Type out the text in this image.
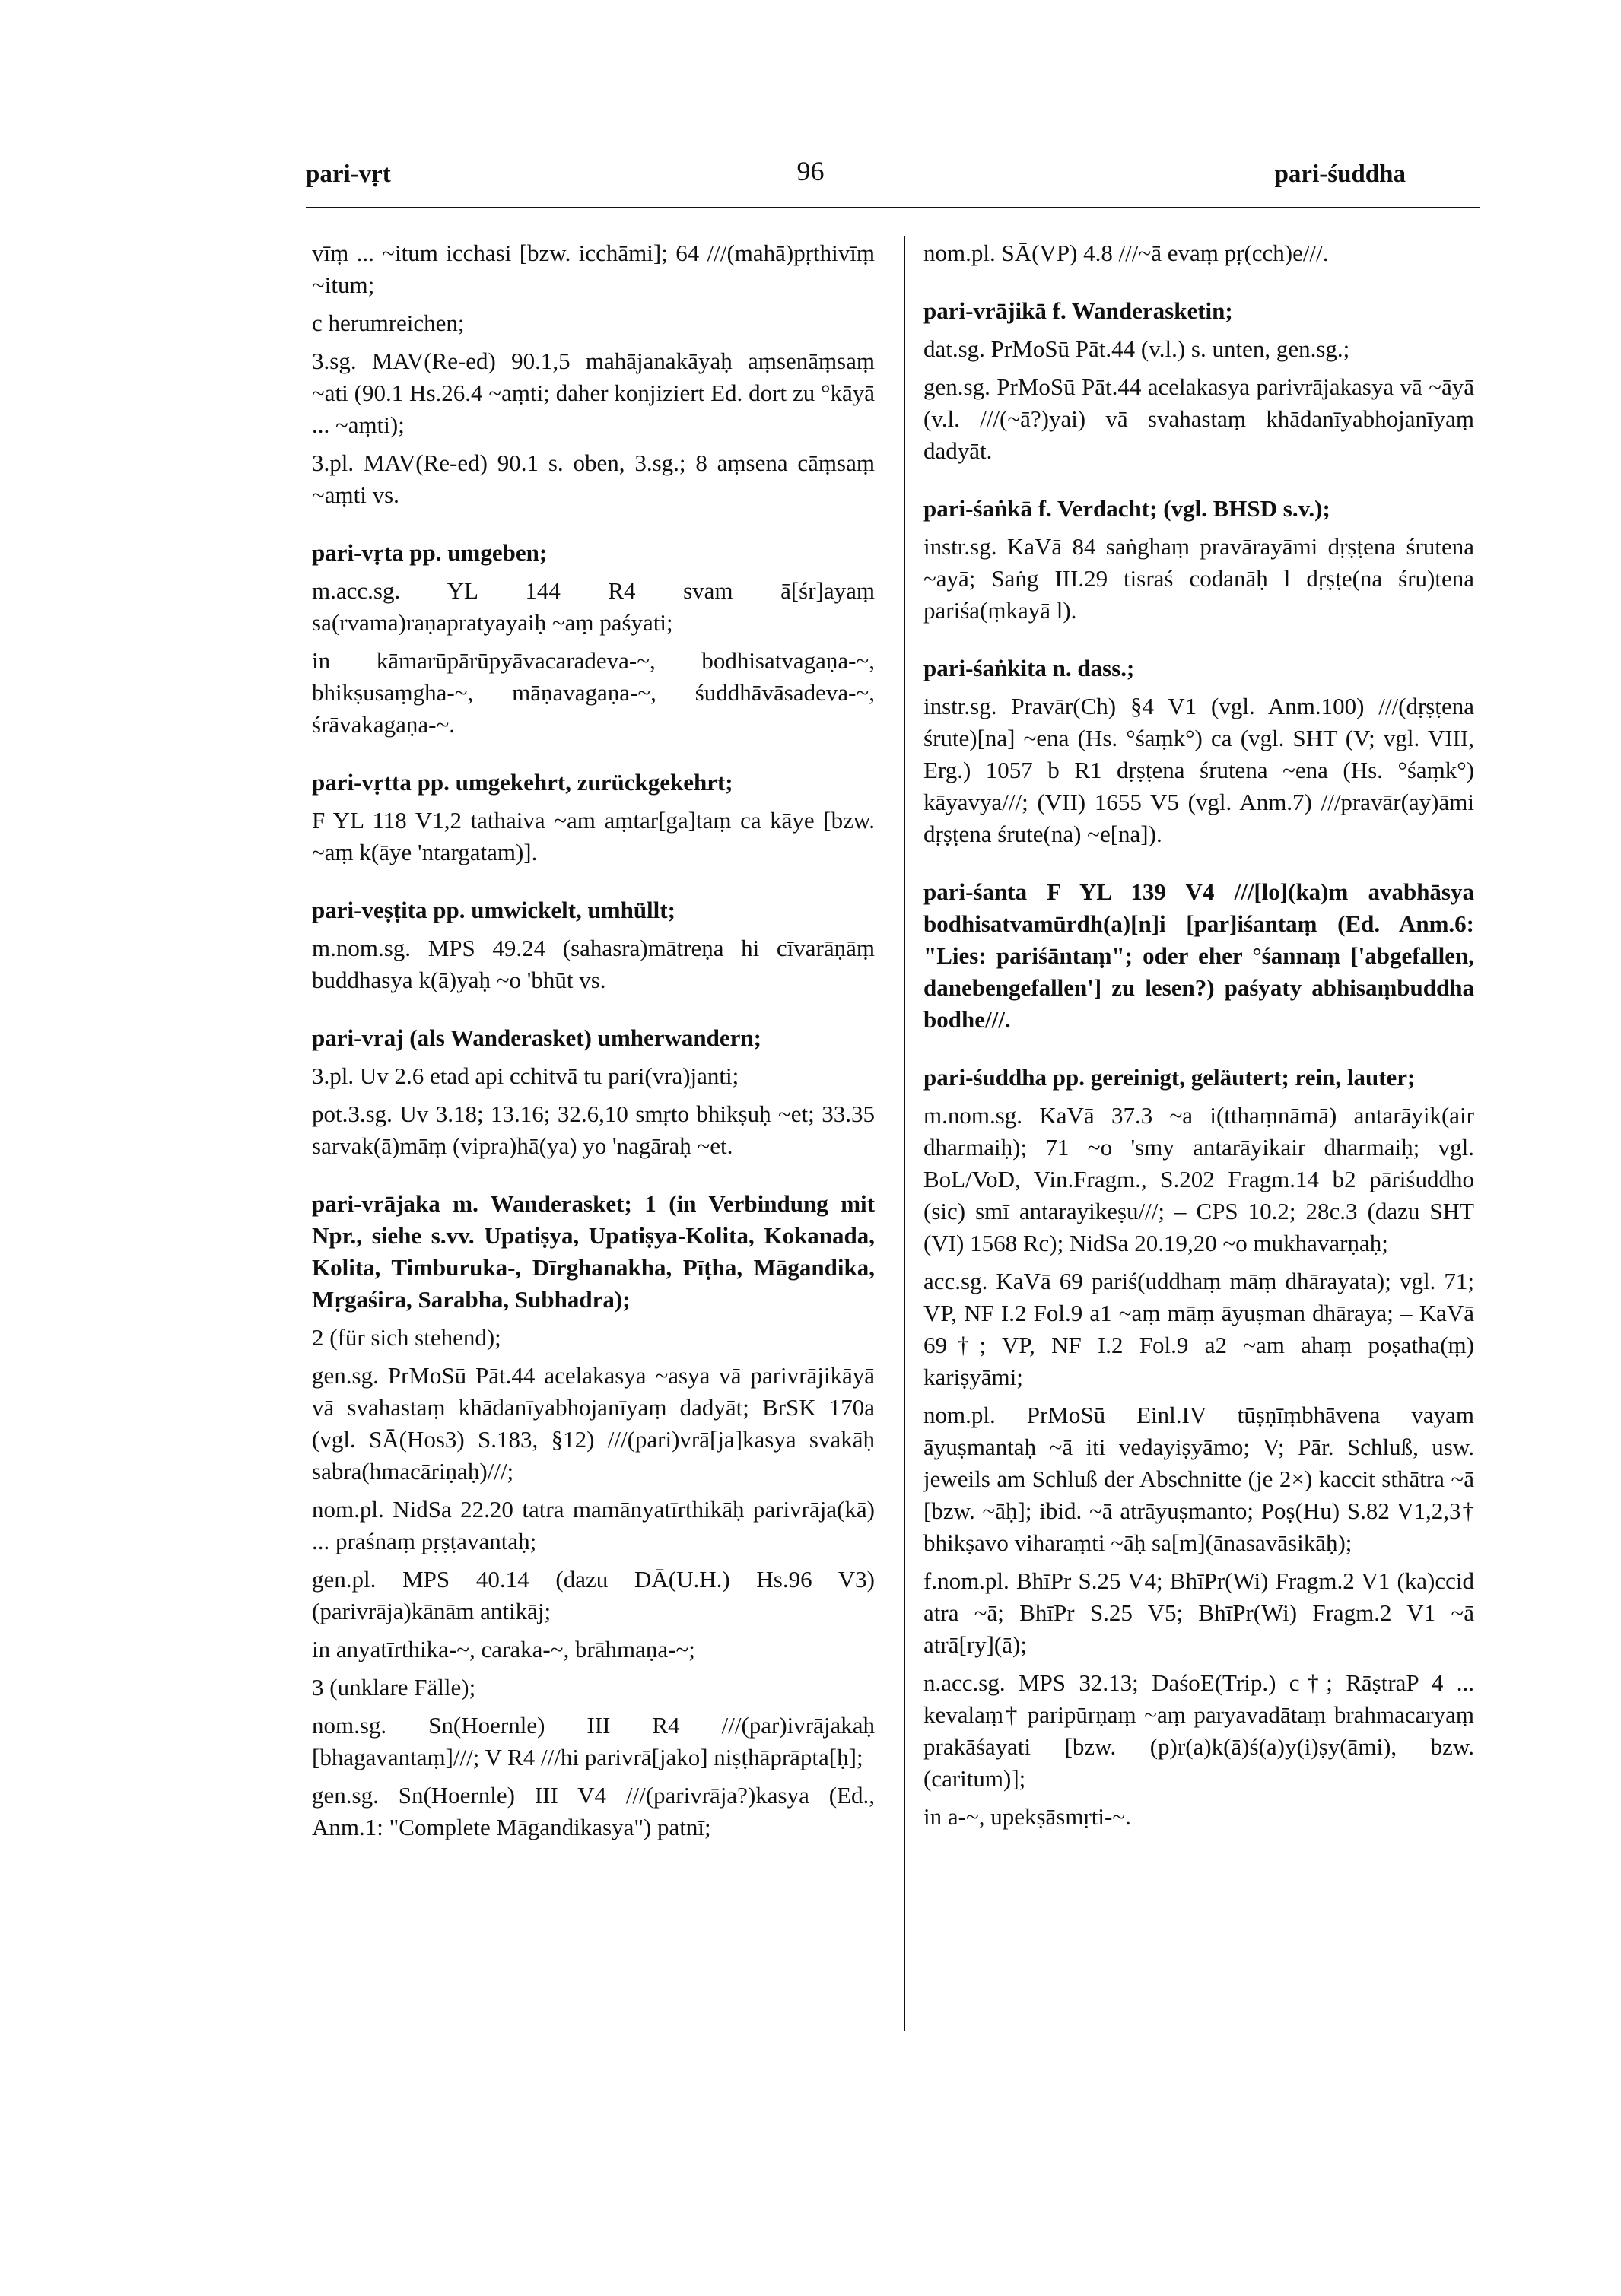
pari-vṛt	96	pari-śuddha

vīṃ ... ~itum icchasi [bzw. icchāmi]; 64 ///(mahā)pṛthivīṃ ~itum;

c herumreichen;

3.sg. MAV(Re-ed) 90.1,5 mahājanakāyaḥ aṃsenāṃsaṃ ~ati (90.1 Hs.26.4 ~aṃti; daher konjiziert Ed. dort zu °kāyā ... ~aṃti);

3.pl. MAV(Re-ed) 90.1 s. oben, 3.sg.; 8 aṃsena cāṃsaṃ ~aṃti vs.

pari-vṛta pp. umgeben;

m.acc.sg. YL 144 R4 svam ā[śr]ayaṃ sa(rvama)raṇapratyayaiḥ ~aṃ paśyati;

in kāmarūpārūpyāvacaradeva-~, bodhisatvagaṇa-~, bhikṣusaṃgha-~, māṇavagaṇa-~, śuddhāvāsadeva-~, śrāvakagaṇa-~.

pari-vṛtta pp. umgekehrt, zurückgekehrt;

F YL 118 V1,2 tathaiva ~am aṃtar[ga]taṃ ca kāye [bzw. ~aṃ k(āye 'ntargatam)].

pari-veṣṭita pp. umwickelt, umhüllt;

m.nom.sg. MPS 49.24 (sahasra)mātreṇa hi cīvarāṇāṃ buddhasya k(ā)yaḥ ~o 'bhūt vs.

pari-vraj (als Wanderasket) umherwandern;

3.pl. Uv 2.6 etad api cchitvā tu pari(vra)janti;

pot.3.sg. Uv 3.18; 13.16; 32.6,10 smṛto bhikṣuḥ ~et; 33.35 sarvak(ā)māṃ (vipra)hā(ya) yo 'nagāraḥ ~et.

pari-vrājaka m. Wanderasket; 1 (in Verbindung mit Npr., siehe s.vv. Upatiṣya, Upatiṣya-Kolita, Kokanada, Kolita, Timburuka-, Dīrghanakha, Pīṭha, Māgandika, Mṛgaśira, Sarabha, Subhadra);

2 (für sich stehend);

gen.sg. PrMoSū Pāt.44 acelakasya ~asya vā parivrājikāyā vā svahastaṃ khādanīyabhojanīyaṃ dadyāt; BrSK 170a (vgl. SĀ(Hos3) S.183, §12) ///(pari)vrā[ja]kasya svakāḥ sabra(hmacāriṇaḥ)///;

nom.pl. NidSa 22.20 tatra mamānyatīrthikāḥ parivrāja(kā) ... praśnaṃ pṛṣṭavantaḥ;

gen.pl. MPS 40.14 (dazu DĀ(U.H.) Hs.96 V3) (parivrāja)kānām antikāj;

in anyatīrthika-~, caraka-~, brāhmaṇa-~;

3 (unklare Fälle);

nom.sg. Sn(Hoernle) III R4 ///(par)ivrājakaḥ [bhagavantaṃ]///; V R4 ///hi parivrā[jako] niṣṭhāprāpta[ḥ];

gen.sg. Sn(Hoernle) III V4 ///(parivrāja?)kasya (Ed., Anm.1: "Complete Māgandikasya") patnī;

nom.pl. SĀ(VP) 4.8 ///~ā evaṃ pṛ(cch)e///.

pari-vrājikā f. Wanderasketin;

dat.sg. PrMoSū Pāt.44 (v.l.) s. unten, gen.sg.;

gen.sg. PrMoSū Pāt.44 acelakasya parivrājakasya vā ~āyā (v.l. ///(~ā?)yai) vā svahastaṃ khādanīyabhojanīyaṃ dadyāt.

pari-śaṅkā f. Verdacht; (vgl. BHSD s.v.);

instr.sg. KaVā 84 saṅghaṃ pravārayāmi dṛṣṭena śrutena ~ayā; Saṅg III.29 tisraś codanāḥ l dṛṣṭe(na śru)tena pariśa(ṃkayā l).

pari-śaṅkita n. dass.;

instr.sg. Pravār(Ch) §4 V1 (vgl. Anm.100) ///(dṛṣṭena śrute)[na] ~ena (Hs. °śaṃk°) ca (vgl. SHT (V; vgl. VIII, Erg.) 1057 b R1 dṛṣṭena śrutena ~ena (Hs. °śaṃk°) kāyavya///; (VII) 1655 V5 (vgl. Anm.7) ///pravār(ay)āmi dṛṣṭena śrute(na) ~e[na]).

pari-śanta F YL 139 V4 ///[lo](ka)m avabhāsya bodhisatvamūrdh(a)[n]i [par]iśantaṃ (Ed. Anm.6: "Lies: pariśāntaṃ"; oder eher °śannaṃ ['abgefallen, danebengefallen'] zu lesen?) paśyaty abhisaṃbuddha bodhe///.

pari-śuddha pp. gereinigt, geläutert; rein, lauter;

m.nom.sg. KaVā 37.3 ~a i(tthaṃnāmā) antarāyik(air dharmaiḥ); 71 ~o 'smy antarāyikair dharmaiḥ; vgl. BoL/VoD, Vin.Fragm., S.202 Fragm.14 b2 pāriśuddho (sic) smī antarayikeṣu///; – CPS 10.2; 28c.3 (dazu SHT (VI) 1568 Rc); NidSa 20.19,20 ~o mukhavarṇaḥ;

acc.sg. KaVā 69 pariś(uddhaṃ māṃ dhārayata); vgl. 71; VP, NF I.2 Fol.9 a1 ~aṃ māṃ āyuṣman dhāraya; – KaVā 69†; VP, NF I.2 Fol.9 a2 ~am ahaṃ poṣatha(ṃ) kariṣyāmi;

nom.pl. PrMoSū Einl.IV tūṣṇīṃbhāvena vayam āyuṣmantaḥ ~ā iti vedayiṣyāmo; V; Pār. Schluß, usw. jeweils am Schluß der Abschnitte (je 2×) kaccit sthātra ~ā [bzw. ~āḥ]; ibid. ~ā atrāyuṣmanto; Poṣ(Hu) S.82 V1,2,3† bhikṣavo viharaṃti ~āḥ sa[m](ānasavāsikāḥ);

f.nom.pl. BhīPr S.25 V4; BhīPr(Wi) Fragm.2 V1 (ka)ccid atra ~ā; BhīPr S.25 V5; BhīPr(Wi) Fragm.2 V1 ~ā atrā[ry](ā);

n.acc.sg. MPS 32.13; DaśoE(Trip.) c†; RāṣtraP 4 ... kevalaṃ† paripūrṇaṃ ~aṃ paryavadātaṃ brahmacaryaṃ prakāśayati [bzw. (p)r(a)k(ā)ś(a)y(i)ṣy(āmi), bzw. (caritum)];

in a-~, upekṣāsmṛti-~.
